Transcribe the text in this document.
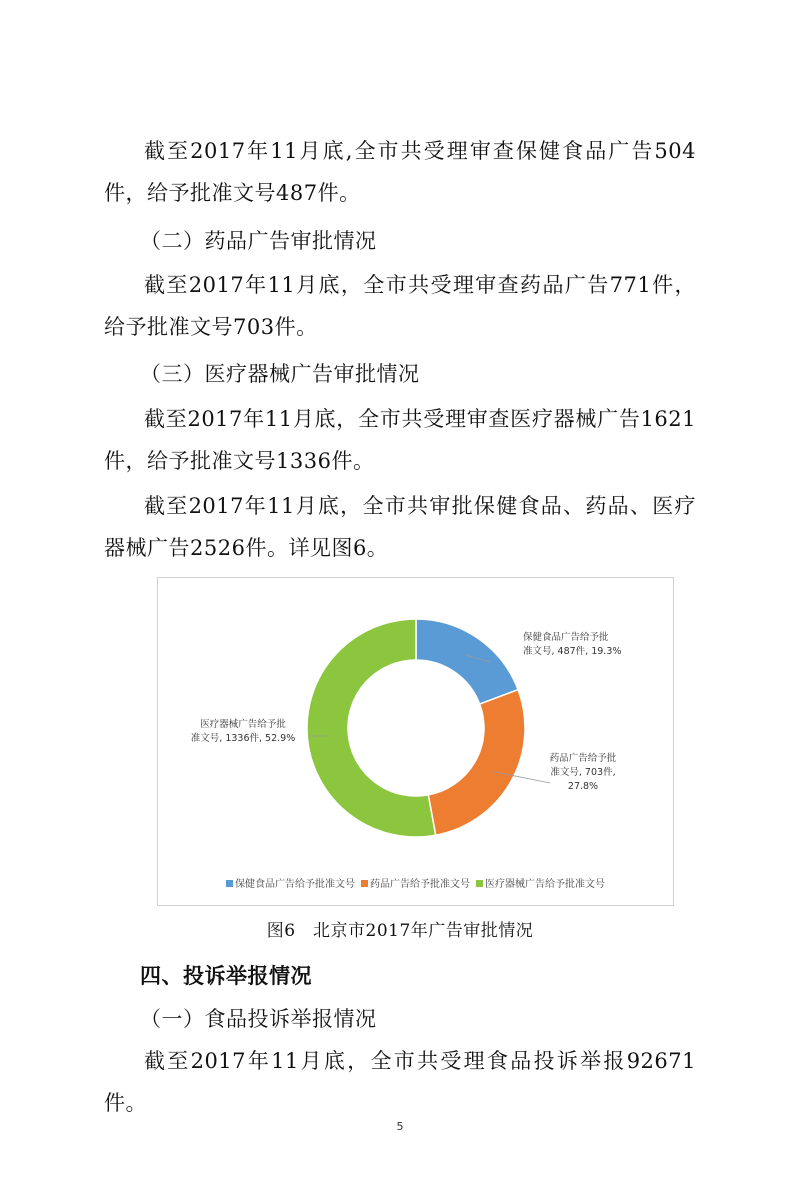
截至2017年11月底,全市共受理审查保健食品广告504件，给予批准文号487件。

（二）药品广告审批情况

截至2017年11月底，全市共受理审查药品广告771件，给予批准文号703件。

（三）医疗器械广告审批情况

截至2017年11月底，全市共受理审查医疗器械广告1621件，给予批准文号1336件。

截至2017年11月底，全市共审批保健食品、药品、医疗器械广告2526件。详见图6。

保健食品广告给予批
准文号, 487件, 19.3%
药品广告给予批
准文号, 703件,
27.8%
医疗器械广告给予批
准文号, 1336件, 52.9%
保健食品广告给予批准文号 药品广告给予批准文号 医疗器械广告给予批准文号
图6　北京市2017年广告审批情况

四、投诉举报情况

（一）食品投诉举报情况

截至2017年11月底，全市共受理食品投诉举报92671件。

5
